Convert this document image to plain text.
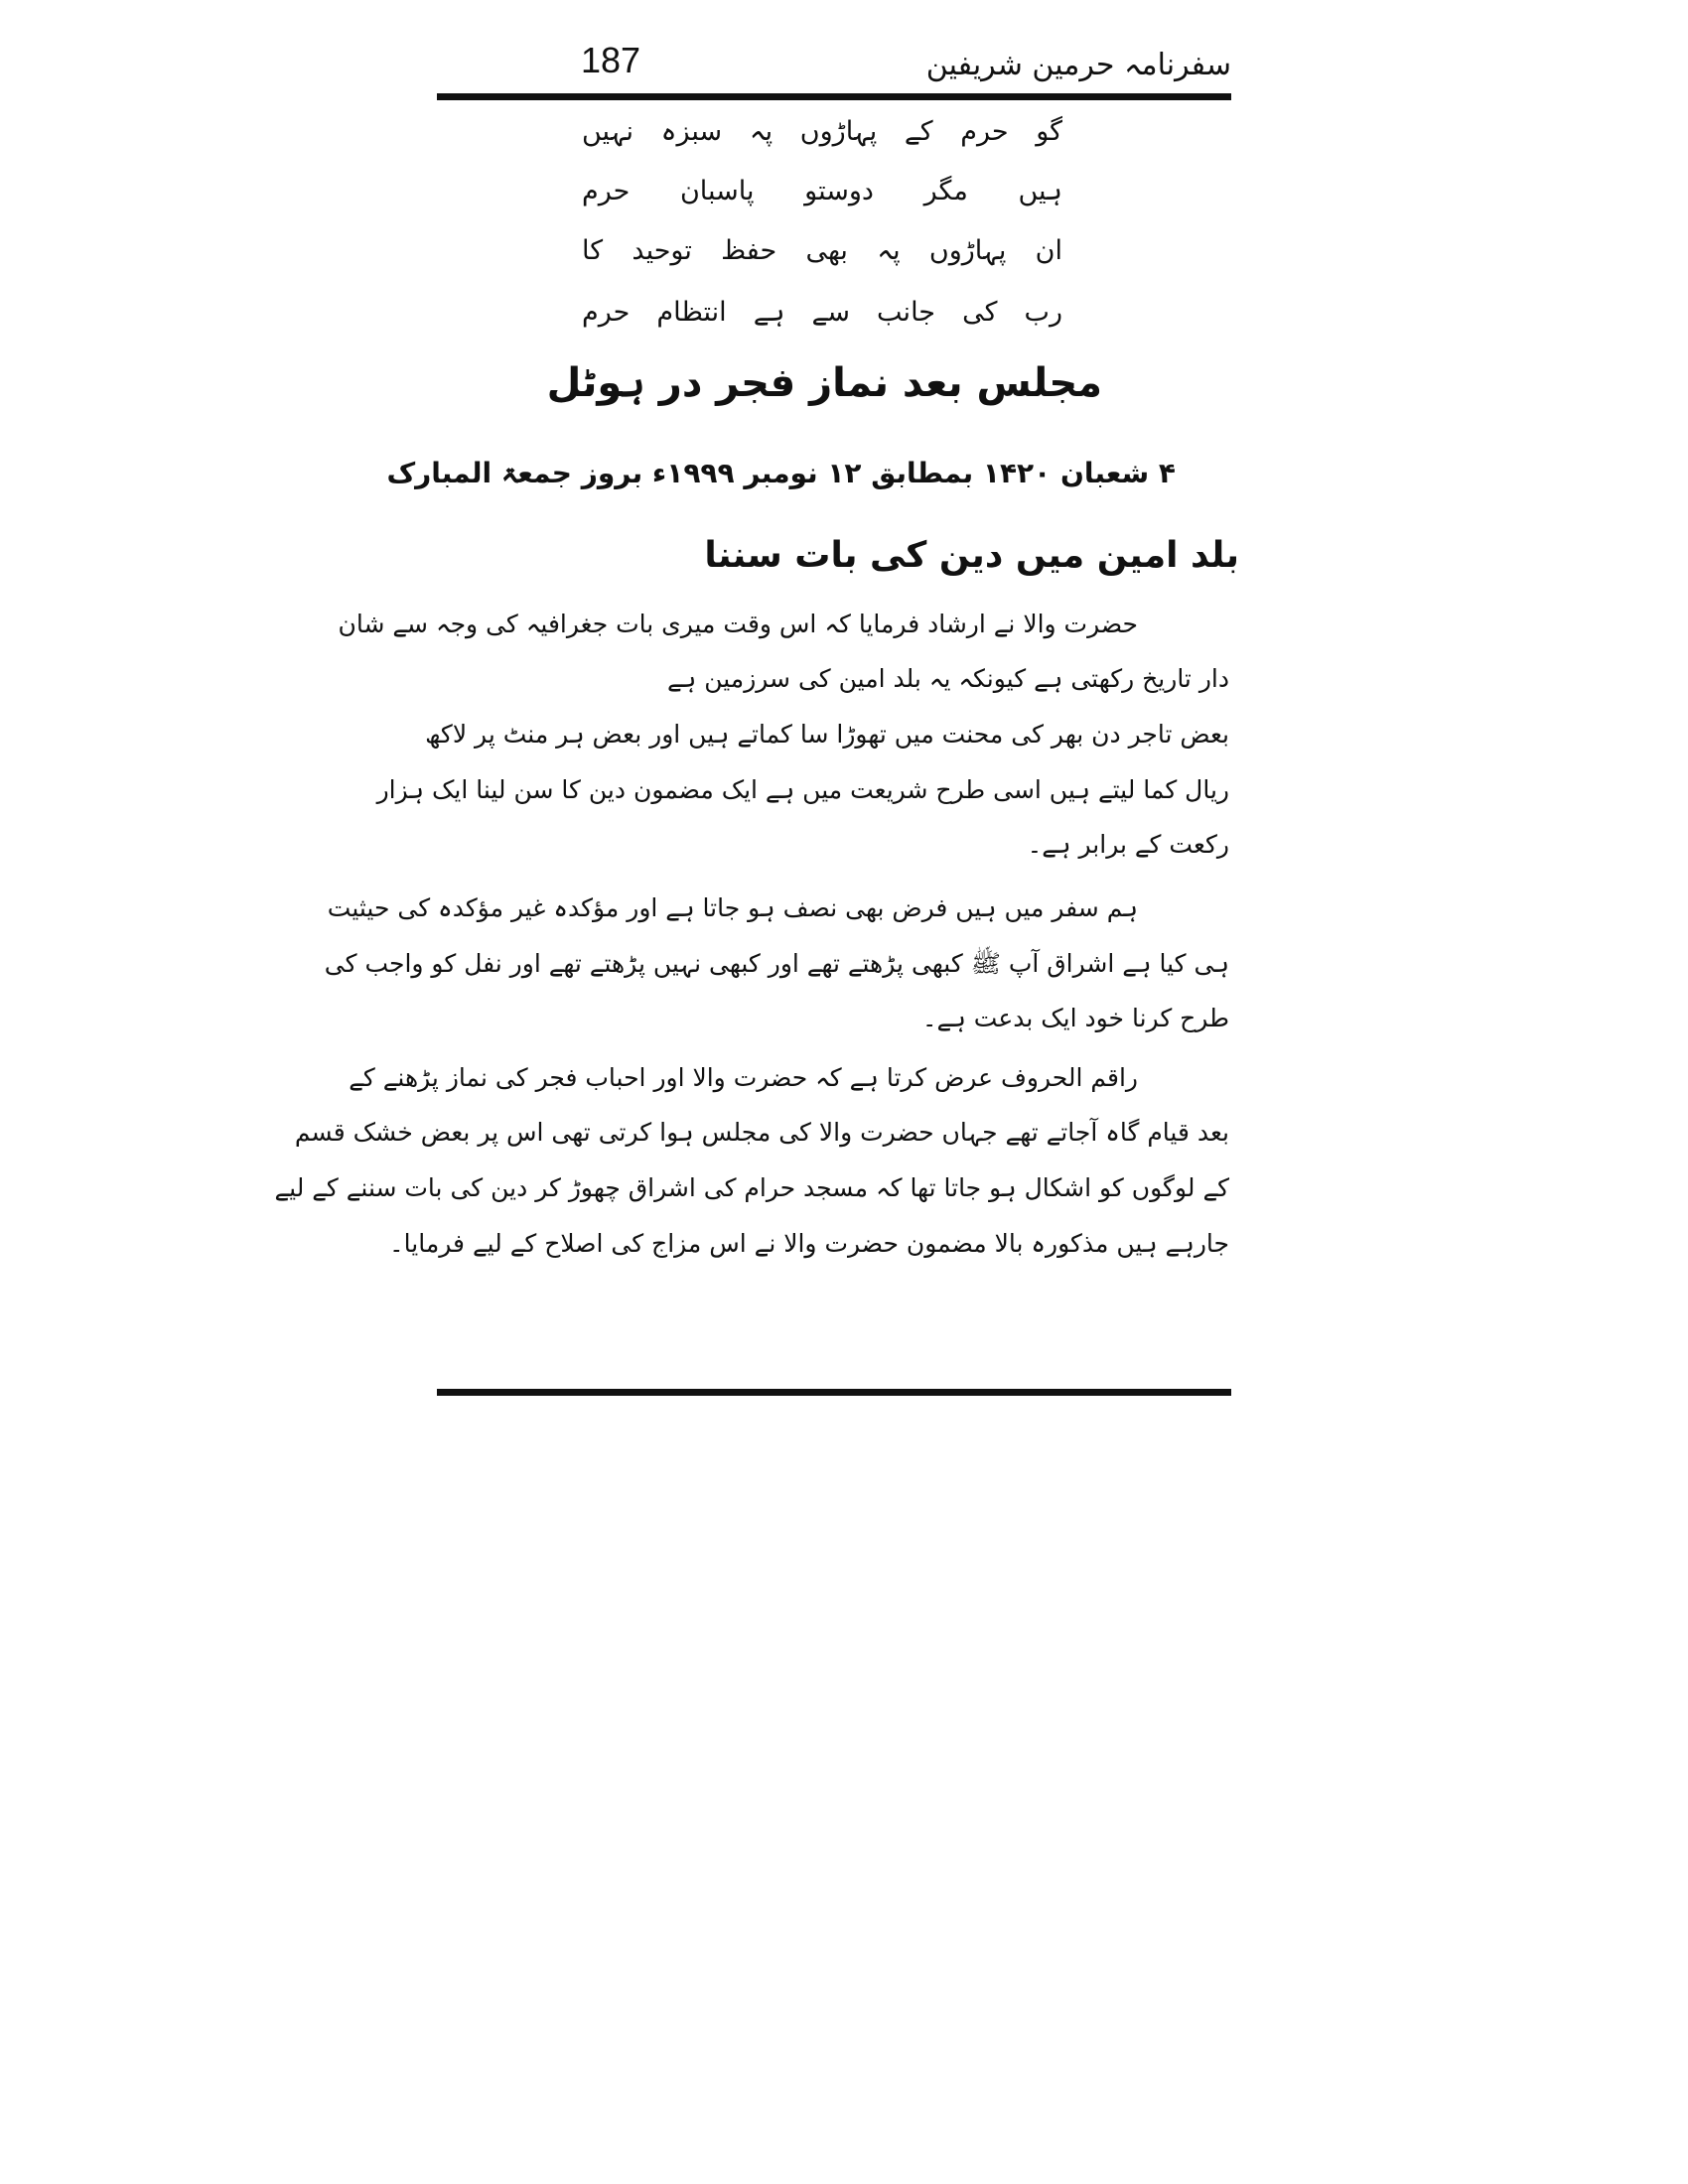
187	سفرنامہ حرمین شریفین
گو حرم کے پہاڑوں پہ سبزہ نہیں
ہیں مگر دوستو پاسبان حرم
ان پہاڑوں پہ بھی حفظ توحید کا
رب کی جانب سے ہے انتظام حرم
مجلس بعد نماز فجر در ہوٹل
۴ شعبان ۱۴۲۰ بمطابق ۱۲ نومبر ۱۹۹۹ء بروز جمعۃ المبارک
بلد امین میں دین کی بات سننا
حضرت والا نے ارشاد فرمایا کہ اس وقت میری بات جغرافیہ کی وجہ سے شان
دار تاریخ رکھتی ہے کیونکہ یہ بلد امین کی سرزمین ہے
بعض تاجر دن بھر کی محنت میں تھوڑا سا کماتے ہیں اور بعض ہر منٹ پر لاکھ
ریال کما لیتے ہیں اسی طرح شریعت میں ہے ایک مضمون دین کا سن لینا ایک ہزار
رکعت کے برابر ہے۔
ہم سفر میں ہیں فرض بھی نصف ہو جاتا ہے اور مؤکدہ غیر مؤکدہ کی حیثیت
ہی کیا ہے اشراق آپ ﷺ کبھی پڑھتے تھے اور کبھی نہیں پڑھتے تھے اور نفل کو واجب کی
طرح کرنا خود ایک بدعت ہے۔
راقم الحروف عرض کرتا ہے کہ حضرت والا اور احباب فجر کی نماز پڑھنے کے
بعد قیام گاہ آجاتے تھے جہاں حضرت والا کی مجلس ہوا کرتی تھی اس پر بعض خشک قسم
کے لوگوں کو اشکال ہو جاتا تھا کہ مسجد حرام کی اشراق چھوڑ کر دین کی بات سننے کے لیے
جارہے ہیں مذکورہ بالا مضمون حضرت والا نے اس مزاج کی اصلاح کے لیے فرمایا۔
